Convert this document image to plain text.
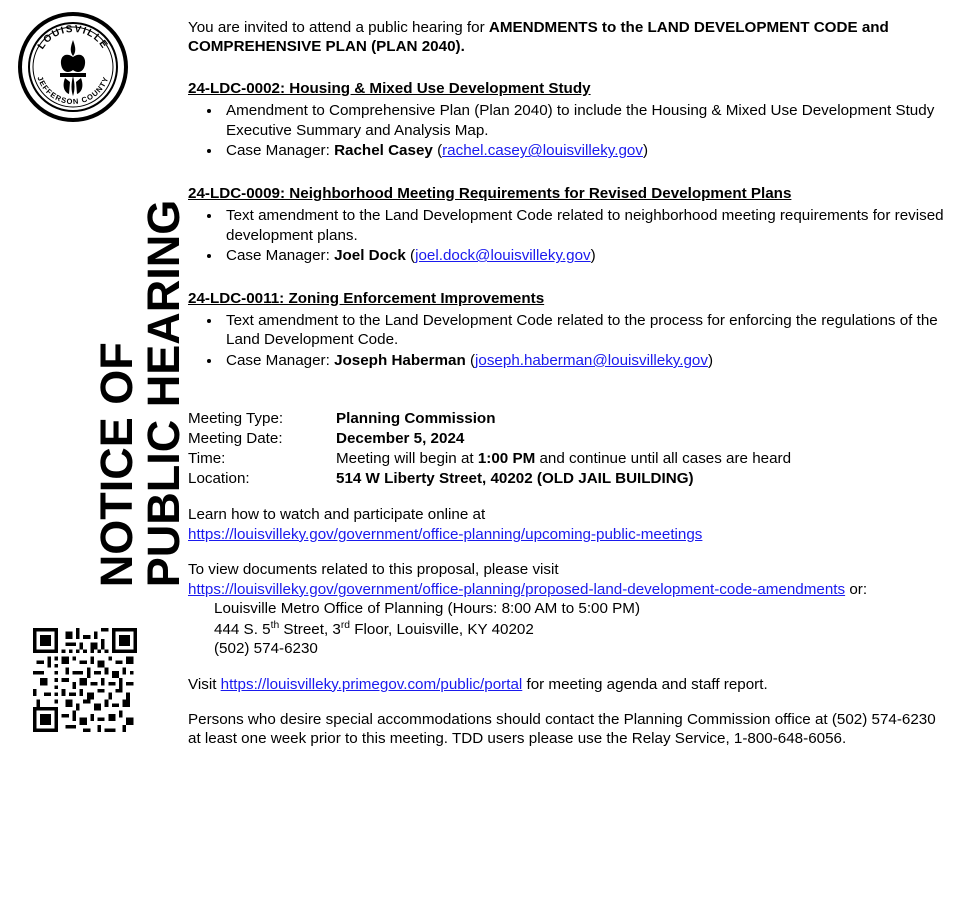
LOUISVILLE
JEFFERSON COUNTY
NOTICE OF
PUBLIC HEARING

You are invited to attend a public hearing for AMENDMENTS to the LAND DEVELOPMENT CODE and COMPREHENSIVE PLAN (PLAN 2040).

24-LDC-0002: Housing & Mixed Use Development Study

• Amendment to Comprehensive Plan (Plan 2040) to include the Housing & Mixed Use Development Study Executive Summary and Analysis Map.
• Case Manager: Rachel Casey (rachel.casey@louisvilleky.gov)

24-LDC-0009: Neighborhood Meeting Requirements for Revised Development Plans

• Text amendment to the Land Development Code related to neighborhood meeting requirements for revised development plans.
• Case Manager: Joel Dock (joel.dock@louisvilleky.gov)

24-LDC-0011: Zoning Enforcement Improvements

• Text amendment to the Land Development Code related to the process for enforcing the regulations of the Land Development Code.
• Case Manager: Joseph Haberman (joseph.haberman@louisvilleky.gov)
Meeting Type:	Planning Commission
Meeting Date:	December 5, 2024
Time:	Meeting will begin at 1:00 PM and continue until all cases are heard
Location:	514 W Liberty Street, 40202 (OLD JAIL BUILDING)

Learn how to watch and participate online at

https://louisvilleky.gov/government/office-planning/upcoming-public-meetings

To view documents related to this proposal, please visit

https://louisvilleky.gov/government/office-planning/proposed-land-development-code-amendments or:

Louisville Metro Office of Planning (Hours: 8:00 AM to 5:00 PM)
444 S. 5th Street, 3rd Floor, Louisville, KY 40202
(502) 574-6230

Visit https://louisvilleky.primegov.com/public/portal for meeting agenda and staff report.

Persons who desire special accommodations should contact the Planning Commission office at (502) 574-6230 at least one week prior to this meeting. TDD users please use the Relay Service, 1-800-648-6056.
